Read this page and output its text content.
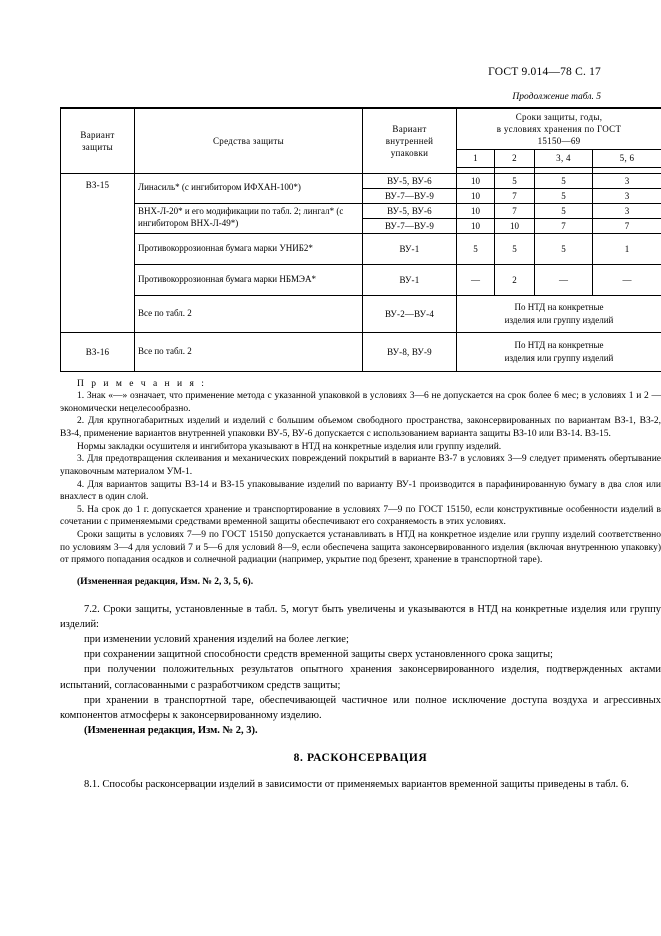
ГОСТ 9.014—78 С. 17
Продолжение табл. 5
Вариант
защиты
	Средства защиты	
Вариант
внутренней
упаковки

Сроки защиты, годы,
в условиях хранения по ГОСТ
15150—69

			1	2	3, 4	5, 6

ВЗ-15	Линасиль* (с ингибитором ИФХАН-100*)	ВУ-5, ВУ-6	10	5	5	3
		ВУ-7—ВУ-9	10	7	5	3
	ВНХ-Л-20* и его модификации по табл. 2; лингал* (с ингибитором ВНХ-Л-49*)	ВУ-5, ВУ-6	10	7	5	3
		ВУ-7—ВУ-9	10	10	7	7
	Противокоррозионная бумага марки УНИБ2*	ВУ-1	5	5	5	1
	Противокоррозионная бумага марки НБМЭА*	ВУ-1	—	2	—	—
	Все по табл. 2	ВУ-2—ВУ-4	По НТД на конкретные
изделия или группу изделий			

ВЗ-16	Все по табл. 2	ВУ-8, ВУ-9	По НТД на конкретные
изделия или группу изделий			

П р и м е ч а н и я :

1. Знак «—» означает, что применение метода с указанной упаковкой в условиях 3—6 не допускается на срок более 6 мес; в условиях 1 и 2 — экономически нецелесообразно.

2. Для крупногабаритных изделий и изделий с большим объемом свободного пространства, законсервированных по вариантам ВЗ-1, ВЗ-2, ВЗ-4, применение вариантов внутренней упаковки ВУ-5, ВУ-6 допускается с использованием варианта защиты ВЗ-10 или ВЗ-14. ВЗ-15.

Нормы закладки осушителя и ингибитора указывают в НТД на конкретные изделия или группу изделий.

3. Для предотвращения склеивания и механических повреждений покрытий в варианте ВЗ-7 в условиях 3—9 следует применять обертывание упаковочным материалом УМ-1.

4. Для вариантов защиты ВЗ-14 и ВЗ-15 упаковывание изделий по варианту ВУ-1 производится в парафинированную бумагу в два слоя или внахлест в один слой.

5. На срок до 1 г. допускается хранение и транспортирование в условиях 7—9 по ГОСТ 15150, если конструктивные особенности изделий в сочетании с применяемыми средствами временной защиты обеспечивают его сохраняемость в этих условиях.

Сроки защиты в условиях 7—9 по ГОСТ 15150 допускается устанавливать в НТД на конкретное изделие или группу изделий соответственно по условиям 3—4 для условий 7 и 5—6 для условий 8—9, если обеспечена защита законсервированного изделия (включая внутреннюю упаковку) от прямого попадания осадков и солнечной радиации (например, укрытие под брезент, хранение в транспортной таре).

(Измененная редакция, Изм. № 2, 3, 5, 6).

7.2. Сроки защиты, установленные в табл. 5, могут быть увеличены и указываются в НТД на конкретные изделия или группу изделий:

при изменении условий хранения изделий на более легкие;

при сохранении защитной способности средств временной защиты сверх установленного срока защиты;

при получении положительных результатов опытного хранения законсервированного изделия, подтвержденных актами испытаний, согласованными с разработчиком средств защиты;

при хранении в транспортной таре, обеспечивающей частичное или полное исключение доступа воздуха и агрессивных компонентов атмосферы к законсервированному изделию.

(Измененная редакция, Изм. № 2, 3).

8. РАСКОНСЕРВАЦИЯ

8.1. Способы расконсервации изделий в зависимости от применяемых вариантов временной защиты приведены в табл. 6.
